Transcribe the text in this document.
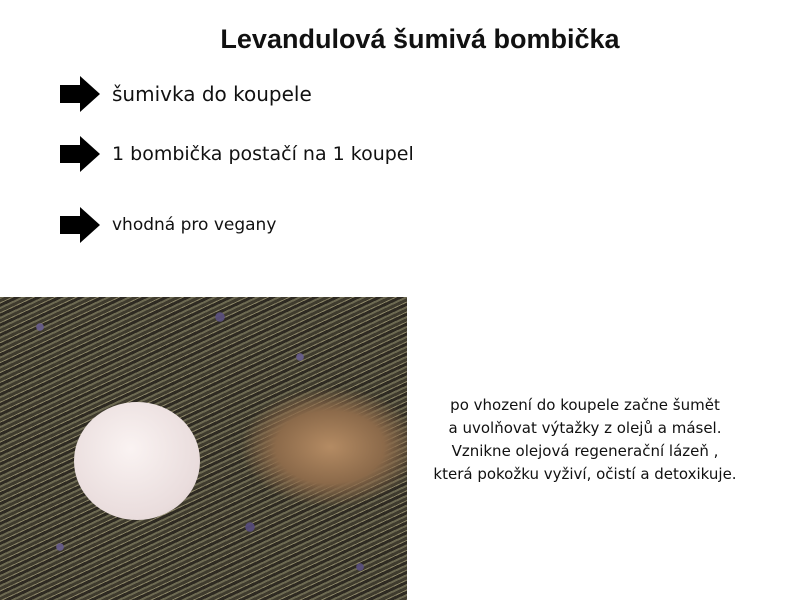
Levandulová šumivá bombička
šumivka do koupele
1 bombička postačí na 1 koupel
vhodná pro vegany
po vhození do koupele začne šumět
a uvolňovat výtažky z olejů a másel.
Vznikne olejová regenerační lázeň ,
která pokožku vyživí, očistí a detoxikuje.
